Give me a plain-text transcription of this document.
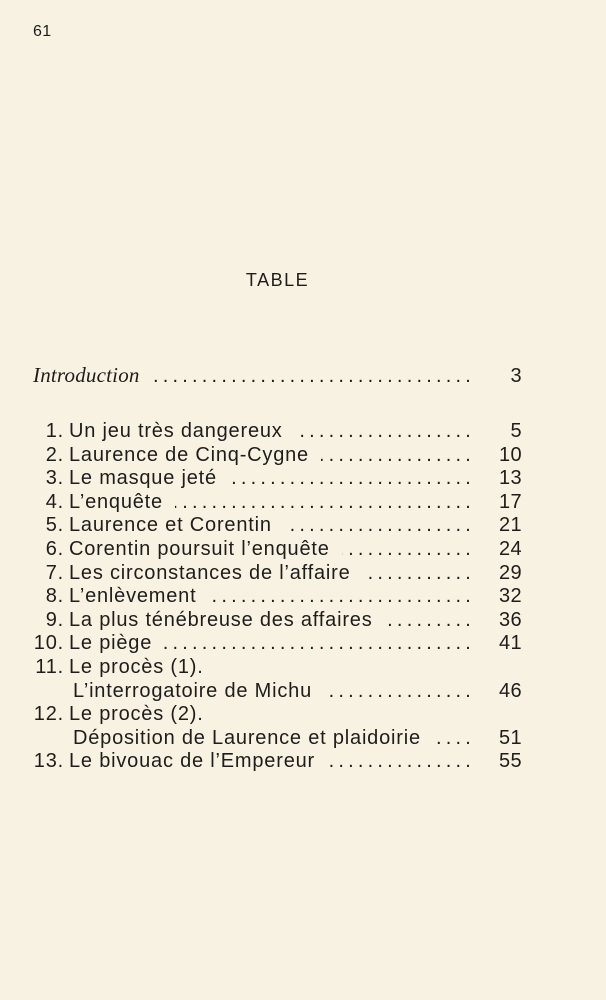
61
TABLE
Introduction .....	3
1. Un jeu très dangereux .....	5
2. Laurence de Cinq-Cygne .....	10
3. Le masque jeté .....	13
4. L’enquête .....	17
5. Laurence et Corentin .....	21
6. Corentin poursuit l’enquête .....	24
7. Les circonstances de l’affaire .....	29
8. L’enlèvement .....	32
9. La plus ténébreuse des affaires .....	36
10. Le piège .....	41
11. Le procès (1).
L’interrogatoire de Michu .....	46
12. Le procès (2).
Déposition de Laurence et plaidoirie .....	51
13. Le bivouac de l’Empereur .....	55
